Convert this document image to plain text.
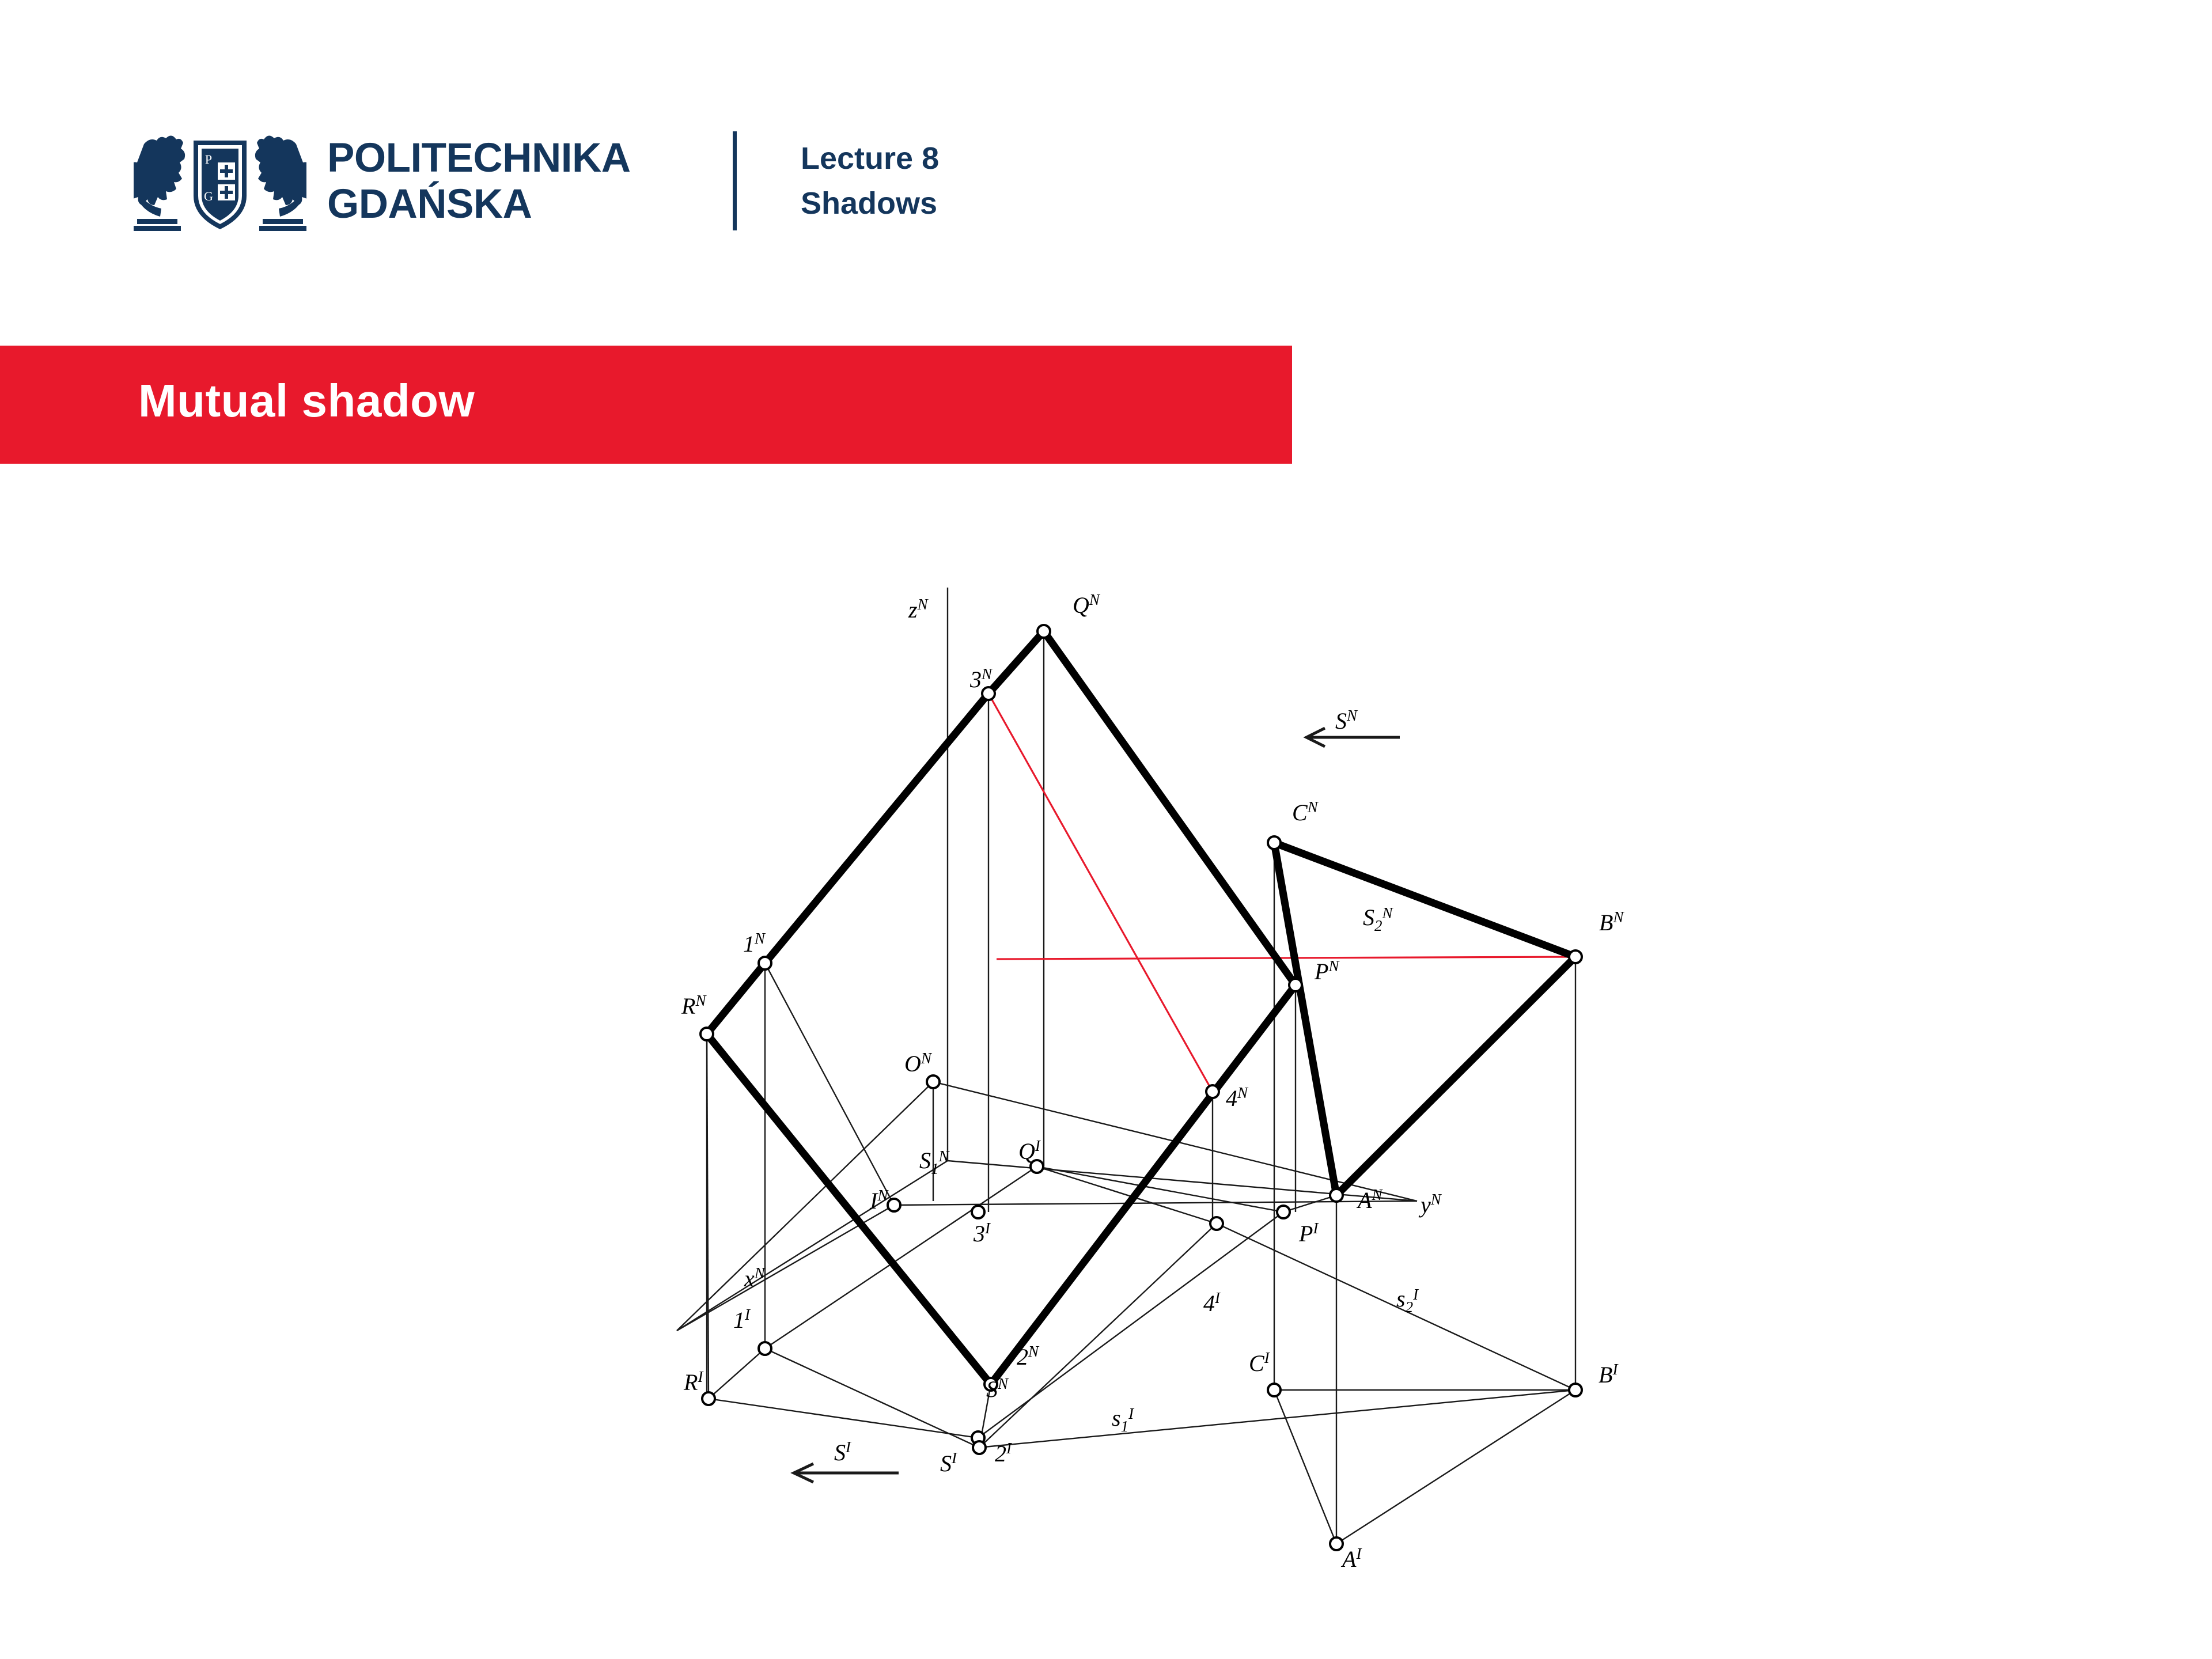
P
G
POLITECHNIKA
GDAŃSKA
Lecture 8
Shadows
Mutual shadow
$z^N$	$Q^N$
$3^N$
$S^N$
$C^N$
$B^N$
$S_2^N$
$1^N$
$P^N$
$R^N$
$O^N$
$4^N$
$S_1^N$	$Q^I$
$I^N$	$A^N$ $y^N$
$3^I$	$P^I$
$x^N$
$4^I$	$s_2^I$
$1^I$
$C^I$
$2^N$
$B^I$
$R^I$	$S^N$
$s_1^I$
$S^I$
$S^I$ $2^I$
$A^I$
